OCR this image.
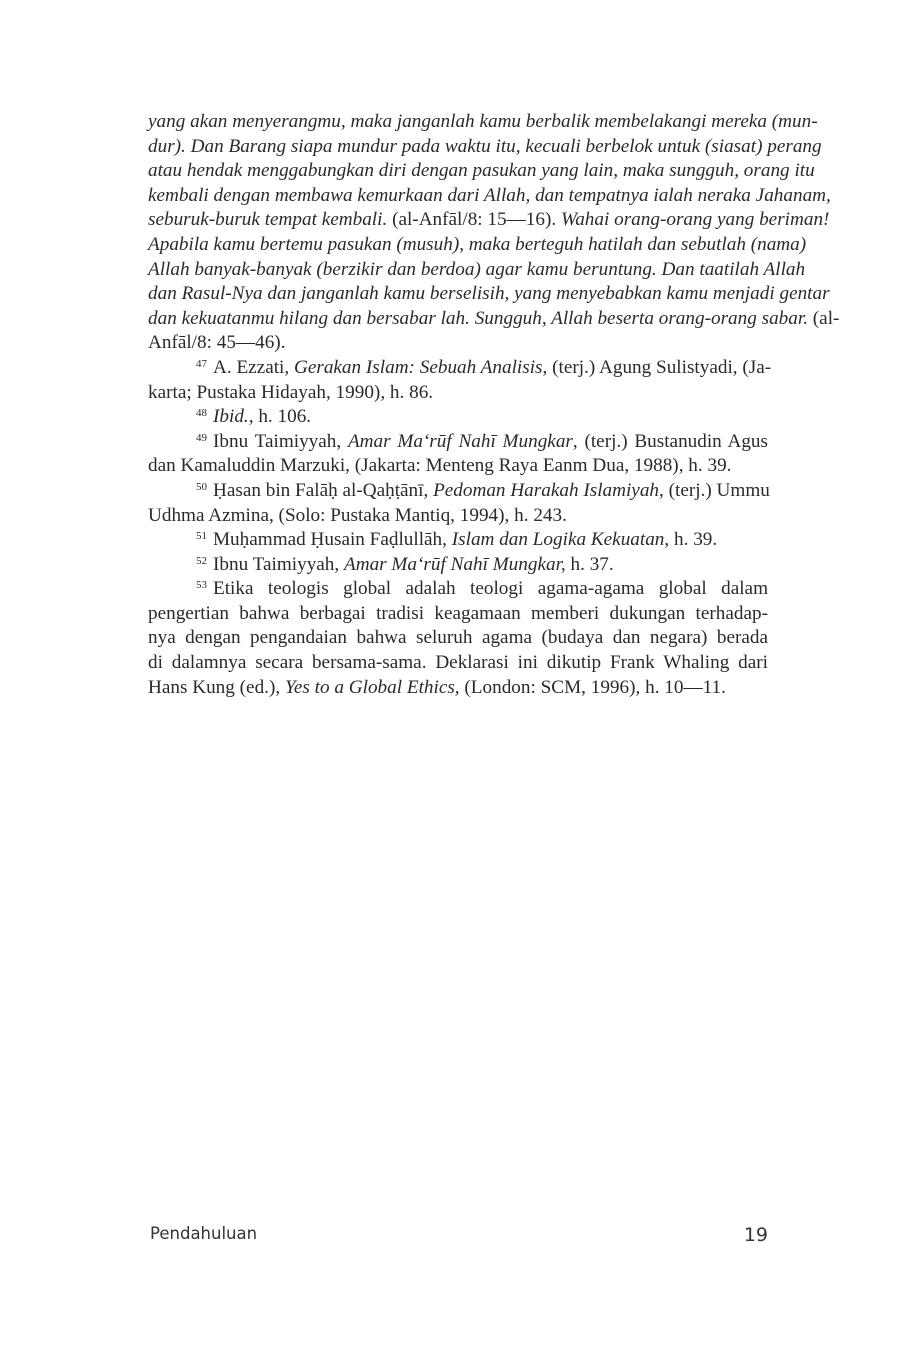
yang akan menyerangmu, maka janganlah kamu berbalik membelakangi mereka (mun-
dur). Dan Barang siapa mundur pada waktu itu, kecuali berbelok untuk (siasat) perang
atau hendak menggabungkan diri dengan pasukan yang lain, maka sungguh, orang itu
kembali dengan membawa kemurkaan dari Allah, dan tempatnya ialah neraka Jahanam,
seburuk-buruk tempat kembali. (al-Anfāl/8: 15—16). Wahai orang-orang yang beriman!
Apabila kamu bertemu pasukan (musuh), maka berteguh hatilah dan sebutlah (nama)
Allah banyak-banyak (berzikir dan berdoa) agar kamu beruntung. Dan taatilah Allah
dan Rasul-Nya dan janganlah kamu berselisih, yang menyebabkan kamu menjadi gentar
dan kekuatanmu hilang dan bersabar lah. Sungguh, Allah beserta orang-orang sabar. (al-
Anfāl/8: 45—46).
$^{47}$ A. Ezzati, Gerakan Islam: Sebuah Analisis, (terj.) Agung Sulistyadi, (Ja-
karta; Pustaka Hidayah, 1990), h. 86.
$^{48}$ Ibid., h. 106.
$^{49}$ Ibnu Taimiyyah, Amar Ma‘rūf Nahī Mungkar, (terj.) Bustanudin Agus
dan Kamaluddin Marzuki, (Jakarta: Menteng Raya Eanm Dua, 1988), h. 39.
$^{50}$ Ḥasan bin Falāḥ al-Qaḥṭānī, Pedoman Harakah Islamiyah, (terj.) Ummu
Udhma Azmina, (Solo: Pustaka Mantiq, 1994), h. 243.
$^{51}$ Muḥammad Ḥusain Faḍlullāh, Islam dan Logika Kekuatan, h. 39.
$^{52}$ Ibnu Taimiyyah, Amar Ma‘rūf Nahī Mungkar, h. 37.
$^{53}$ Etika teologis global adalah teologi agama-agama global dalam
pengertian bahwa berbagai tradisi keagamaan memberi dukungan terhadap-
nya dengan pengandaian bahwa seluruh agama (budaya dan negara) berada
di dalamnya secara bersama-sama. Deklarasi ini dikutip Frank Whaling dari
Hans Kung (ed.), Yes to a Global Ethics, (London: SCM, 1996), h. 10—11.
Pendahuluan	19
